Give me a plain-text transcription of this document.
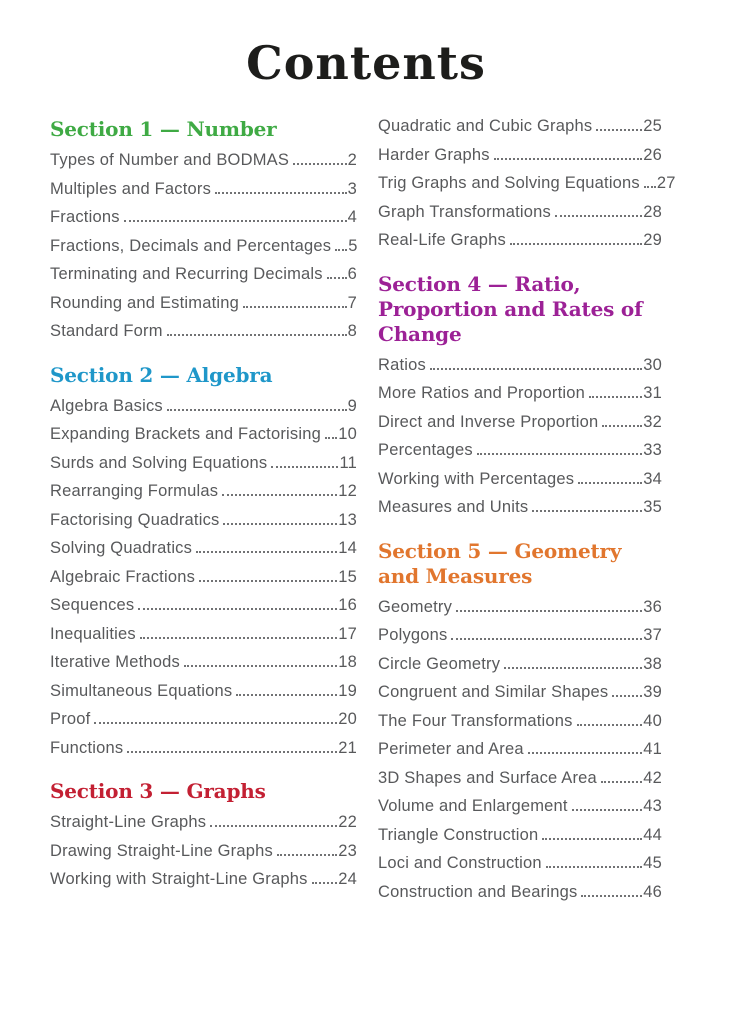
Contents
Section 1 — Number
Types of Number and BODMAS	2
Multiples and Factors	3
Fractions	4
Fractions, Decimals and Percentages 5
Terminating and Recurring Decimals 6
Rounding and Estimating	7
Standard Form	8
Section 2 — Algebra
Algebra Basics	9
Expanding Brackets and Factorising 10
Surds and Solving Equations	11
Rearranging Formulas	12
Factorising Quadratics	13
Solving Quadratics	14
Algebraic Fractions	15
Sequences	16
Inequalities	17
Iterative Methods	18
Simultaneous Equations	19
Proof	20
Functions	21
Section 3 — Graphs
Straight-Line Graphs	22
Drawing Straight-Line Graphs	23
Working with Straight-Line Graphs 24
Quadratic and Cubic Graphs	25
Harder Graphs	26
Trig Graphs and Solving Equations 27
Graph Transformations	28
Real-Life Graphs	29
Section 4 — Ratio, Proportion and Rates of Change
Ratios	30
More Ratios and Proportion	31
Direct and Inverse Proportion	32
Percentages	33
Working with Percentages	34
Measures and Units	35
Section 5 — Geometry and Measures
Geometry	36
Polygons	37
Circle Geometry	38
Congruent and Similar Shapes 39
The Four Transformations	40
Perimeter and Area	41
3D Shapes and Surface Area	42
Volume and Enlargement	43
Triangle Construction	44
Loci and Construction	45
Construction and Bearings	46
